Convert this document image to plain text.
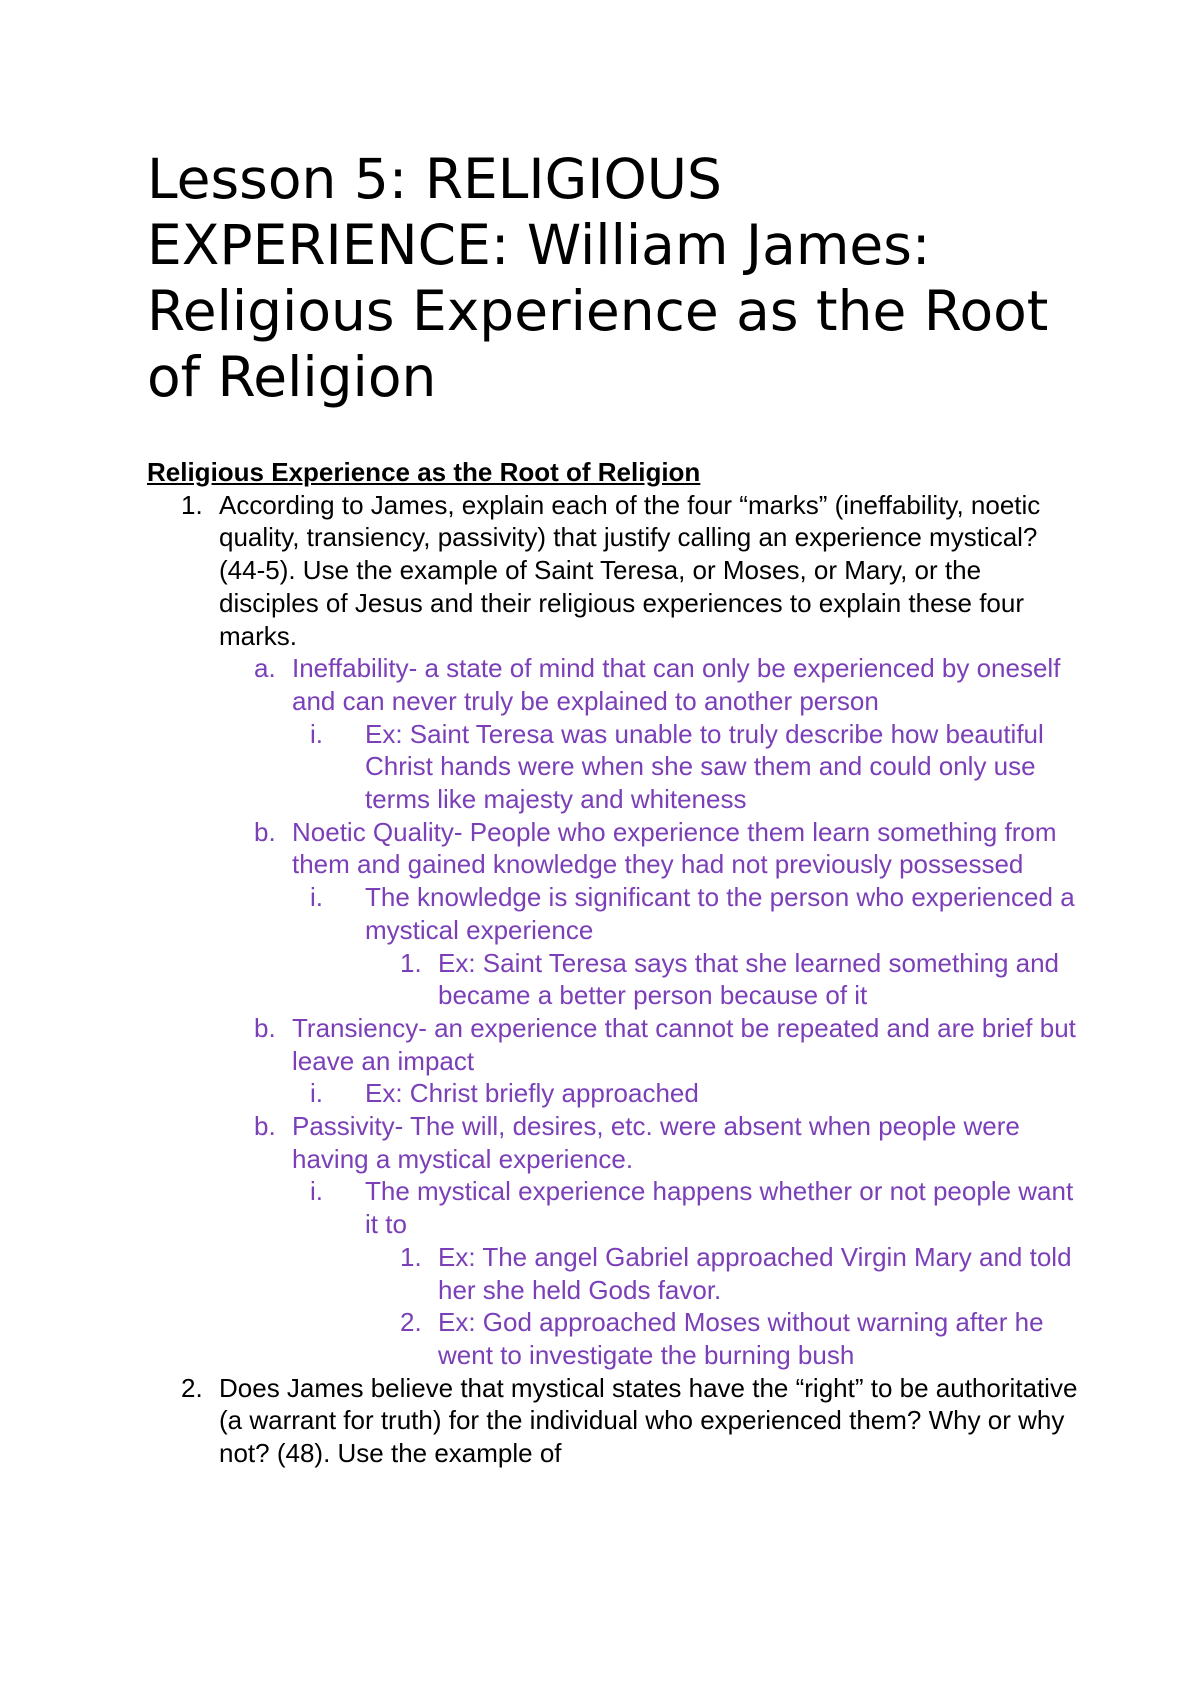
Lesson 5: RELIGIOUS EXPERIENCE: William James: Religious Experience as the Root of Religion

Religious Experience as the Root of Religion

1. According to James, explain each of the four “marks” (ineffability, noetic quality, transiency, passivity) that justify calling an experience mystical? (44-5). Use the example of Saint Teresa, or Moses, or Mary, or the disciples of Jesus and their religious experiences to explain these four marks.
a. Ineffability- a state of mind that can only be experienced by oneself and can never truly be explained to another person
i. Ex: Saint Teresa was unable to truly describe how beautiful Christ hands were when she saw them and could only use terms like majesty and whiteness
b. Noetic Quality- People who experience them learn something from them and gained knowledge they had not previously possessed
i. The knowledge is significant to the person who experienced a mystical experience
1. Ex: Saint Teresa says that she learned something and became a better person because of it
b. Transiency- an experience that cannot be repeated and are brief but leave an impact
i. Ex: Christ briefly approached
b. Passivity- The will, desires, etc. were absent when people were having a mystical experience.
i. The mystical experience happens whether or not people want it to
1. Ex: The angel Gabriel approached Virgin Mary and told her she held Gods favor.
2. Ex: God approached Moses without warning after he went to investigate the burning bush
2. Does James believe that mystical states have the “right” to be authoritative (a warrant for truth) for the individual who experienced them? Why or why not? (48). Use the example of
